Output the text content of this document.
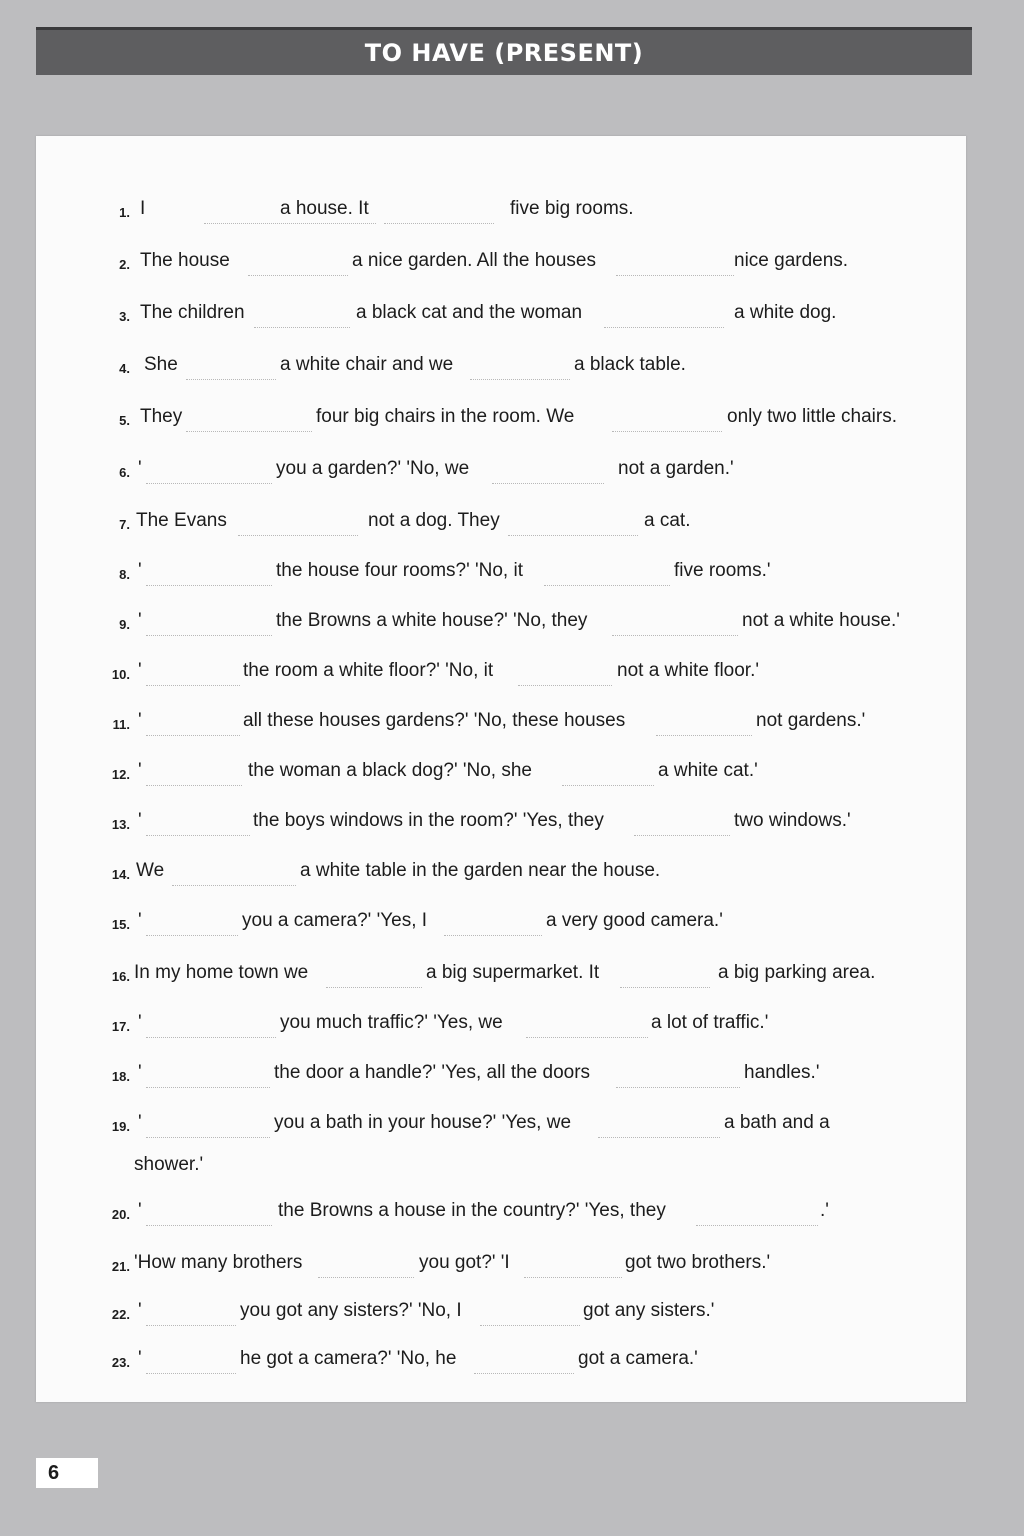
TO HAVE (PRESENT)
1. I	a house. It	five big rooms.
2. The house	a nice garden. All the houses	nice gardens.
3. The children	a black cat and the woman	a white dog.
4. She	a white chair and we	a black table.
5. They	four big chairs in the room. We	only two little chairs.
6. '	you a garden?' 'No, we	not a garden.'
7. The Evans	not a dog. They	a cat.
8. '	the house four rooms?' 'No, it	five rooms.'
9. '	the Browns a white house?' 'No, they	not a white house.'
10. '	the room a white floor?' 'No, it	not a white floor.'
11. '	all these houses gardens?' 'No, these houses	not gardens.'
12. '	the woman a black dog?' 'No, she	a white cat.'
13. '	the boys windows in the room?' 'Yes, they	two windows.'
14. We	a white table in the garden near the house.
15. '	you a camera?' 'Yes, I	a very good camera.'
16. In my home town we	a big supermarket. It	a big parking area.
17. '	you much traffic?' 'Yes, we	a lot of traffic.'
18. '	the door a handle?' 'Yes, all the doors	handles.'
19. '	you a bath in your house?' 'Yes, we	a bath and a
shower.'
20. '	the Browns a house in the country?' 'Yes, they	.'
21. 'How many brothers	you got?' 'I	got two brothers.'
22. '	you got any sisters?' 'No, I	got any sisters.'
23. '	he got a camera?' 'No, he	got a camera.'
6
